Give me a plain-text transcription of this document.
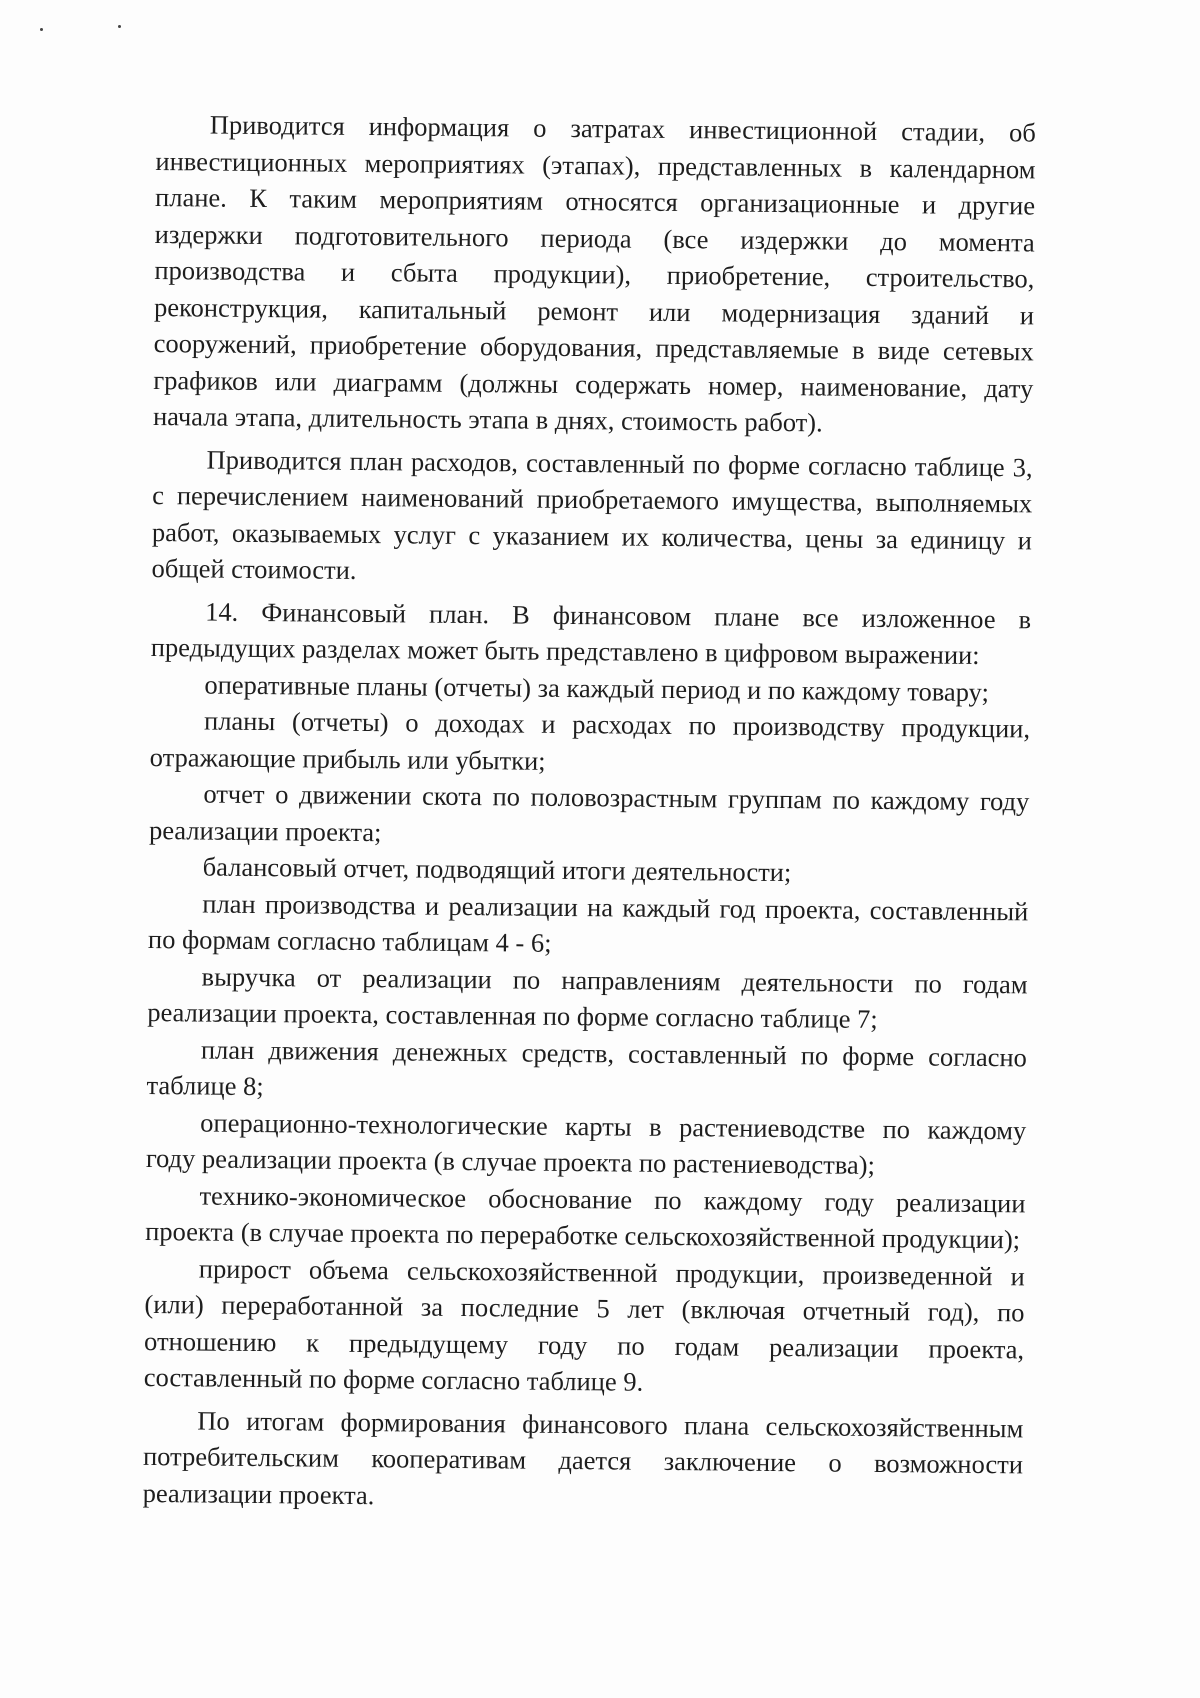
Приводится информация о затратах инвестиционной стадии, об инвестиционных мероприятиях (этапах), представленных в календарном плане. К таким мероприятиям относятся организационные и другие издержки подготовительного периода (все издержки до момента производства и сбыта продукции), приобретение, строительство, реконструкция, капитальный ремонт или модернизация зданий и сооружений, приобретение оборудования, представляемые в виде сетевых графиков или диаграмм (должны содержать номер, наименование, дату начала этапа, длительность этапа в днях, стоимость работ).

Приводится план расходов, составленный по форме согласно таблице 3, с перечислением наименований приобретаемого имущества, выполняемых работ, оказываемых услуг с указанием их количества, цены за единицу и общей стоимости.

14. Финансовый план. В финансовом плане все изложенное в предыдущих разделах может быть представлено в цифровом выражении:

оперативные планы (отчеты) за каждый период и по каждому товару;

планы (отчеты) о доходах и расходах по производству продукции, отражающие прибыль или убытки;

отчет о движении скота по половозрастным группам по каждому году реализации проекта;

балансовый отчет, подводящий итоги деятельности;

план производства и реализации на каждый год проекта, составленный по формам согласно таблицам 4 - 6;

выручка от реализации по направлениям деятельности по годам реализации проекта, составленная по форме согласно таблице 7;

план движения денежных средств, составленный по форме согласно таблице 8;

операционно-технологические карты в растениеводстве по каждому году реализации проекта (в случае проекта по растениеводства);

технико-экономическое обоснование по каждому году реализации проекта (в случае проекта по переработке сельскохозяйственной продукции);

прирост объема сельскохозяйственной продукции, произведенной и (или) переработанной за последние 5 лет (включая отчетный год), по отношению к предыдущему году по годам реализации проекта, составленный по форме согласно таблице 9.

По итогам формирования финансового плана сельскохозяйственным потребительским кооперативам дается заключение о возможности реализации проекта.
